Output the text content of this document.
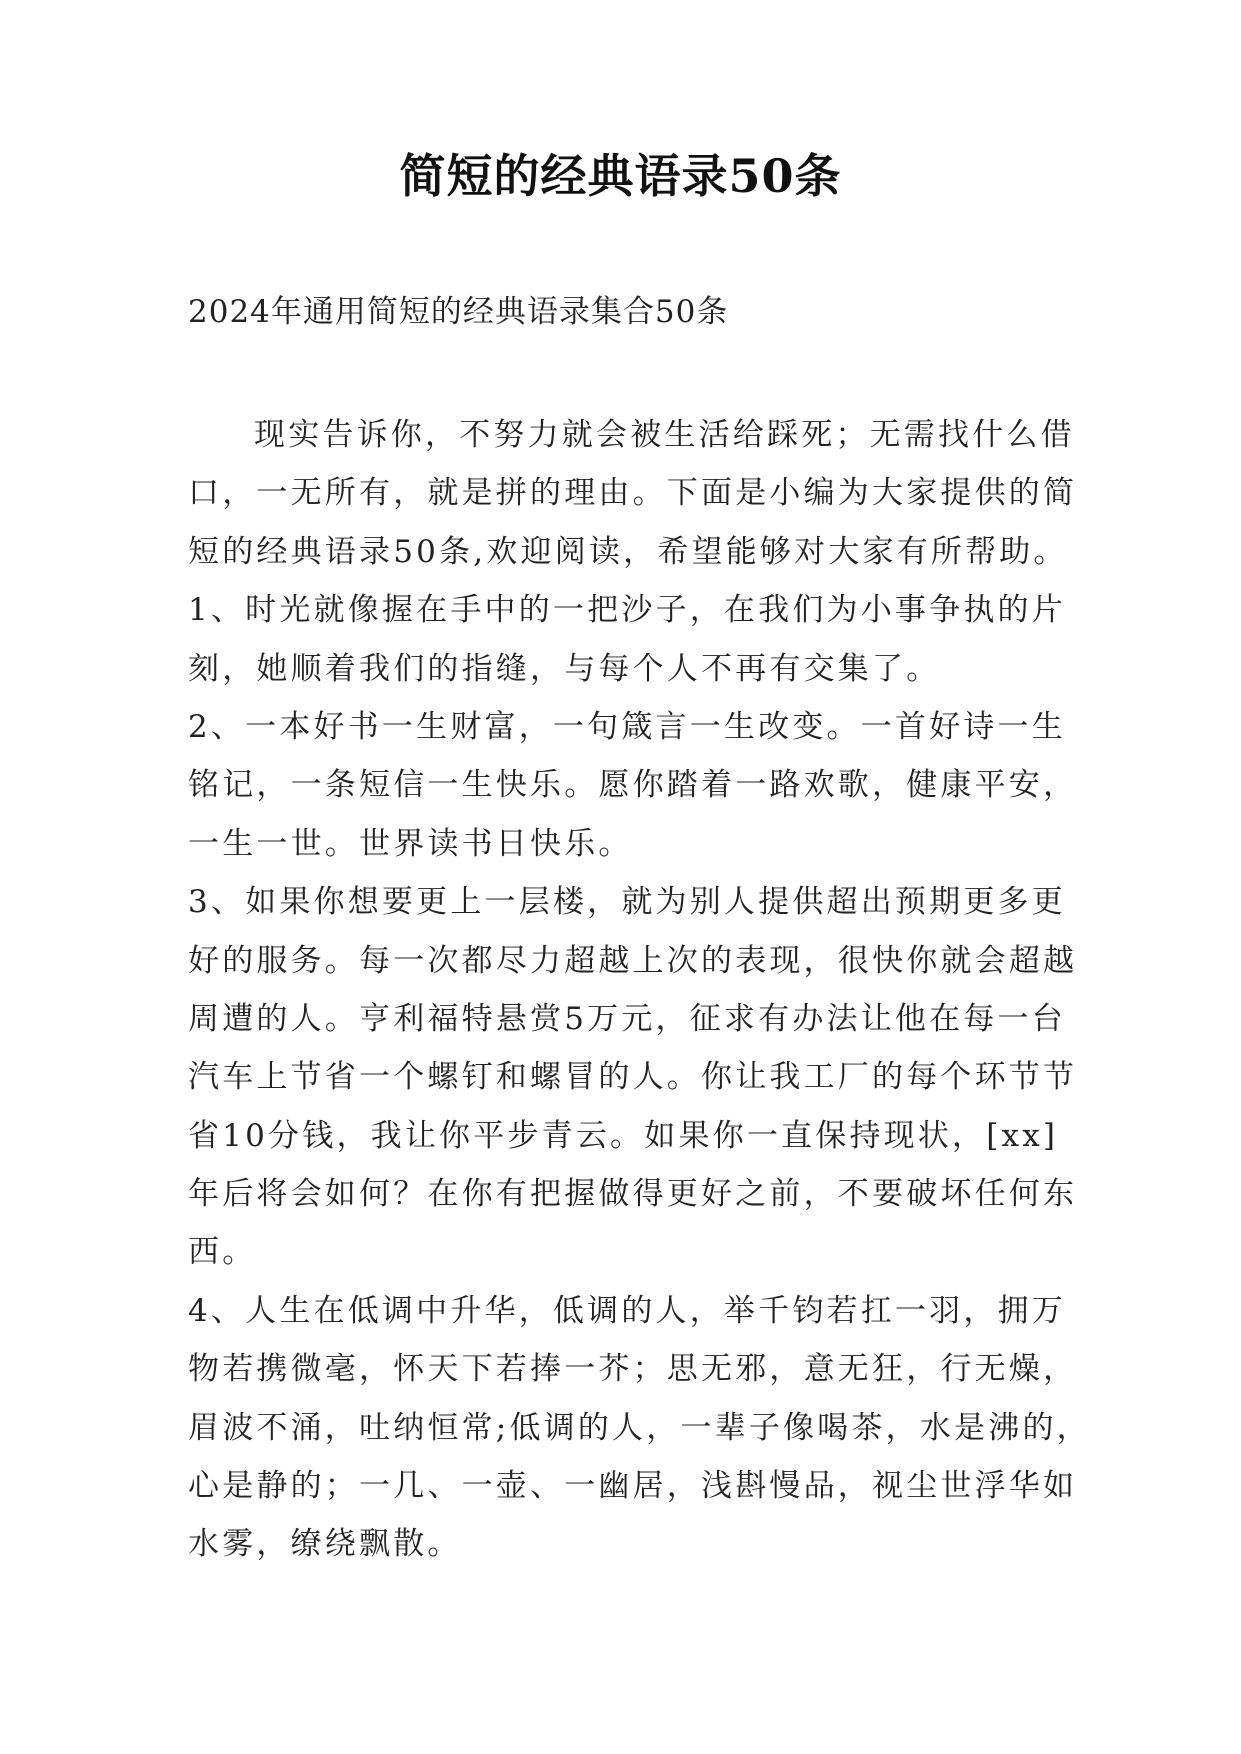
简短的经典语录50条
2024年通用简短的经典语录集合50条
现实告诉你，不努力就会被生活给踩死；无需找什么借
口，一无所有，就是拼的理由。下面是小编为大家提供的简
短的经典语录50条,欢迎阅读，希望能够对大家有所帮助。
1、时光就像握在手中的一把沙子，在我们为小事争执的片
刻，她顺着我们的指缝，与每个人不再有交集了。
2、一本好书一生财富，一句箴言一生改变。一首好诗一生
铭记，一条短信一生快乐。愿你踏着一路欢歌，健康平安，
一生一世。世界读书日快乐。
3、如果你想要更上一层楼，就为别人提供超出预期更多更
好的服务。每一次都尽力超越上次的表现，很快你就会超越
周遭的人。亨利福特悬赏5万元，征求有办法让他在每一台
汽车上节省一个螺钉和螺冒的人。你让我工厂的每个环节节
省10分钱，我让你平步青云。如果你一直保持现状，[xx]
年后将会如何？在你有把握做得更好之前，不要破坏任何东
西。
4、人生在低调中升华，低调的人，举千钧若扛一羽，拥万
物若携微毫，怀天下若捧一芥；思无邪，意无狂，行无燥，
眉波不涌，吐纳恒常;低调的人，一辈子像喝茶，水是沸的，
心是静的；一几、一壶、一幽居，浅斟慢品，视尘世浮华如
水雾，缭绕飘散。
